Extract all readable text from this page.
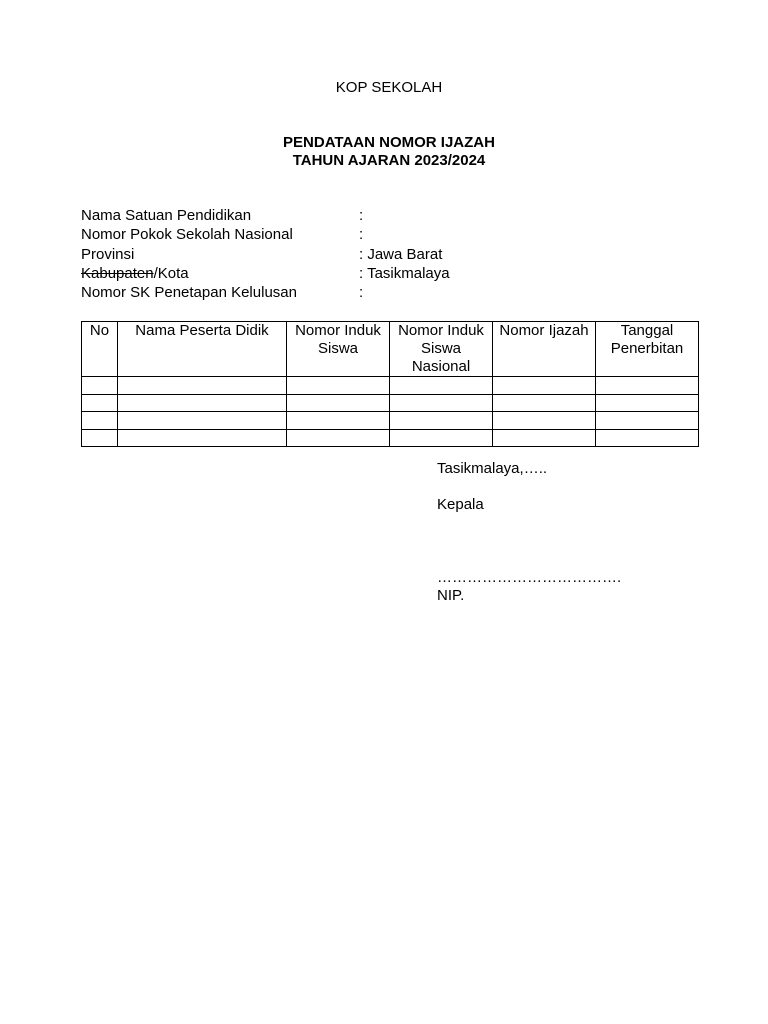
KOP SEKOLAH
PENDATAAN NOMOR IJAZAH
TAHUN AJARAN 2023/2024
Nama Satuan Pendidikan	:
Nomor Pokok Sekolah Nasional	:
Provinsi	: Jawa Barat
Kabupaten/Kota	: Tasikmalaya
Nomor SK Penetapan Kelulusan	:
No	Nama Peserta Didik	Nomor Induk Siswa	Nomor Induk Siswa Nasional	Nomor Ijazah	Tanggal Penerbitan

Tasikmalaya,…..
Kepala
……………………………….
NIP.
